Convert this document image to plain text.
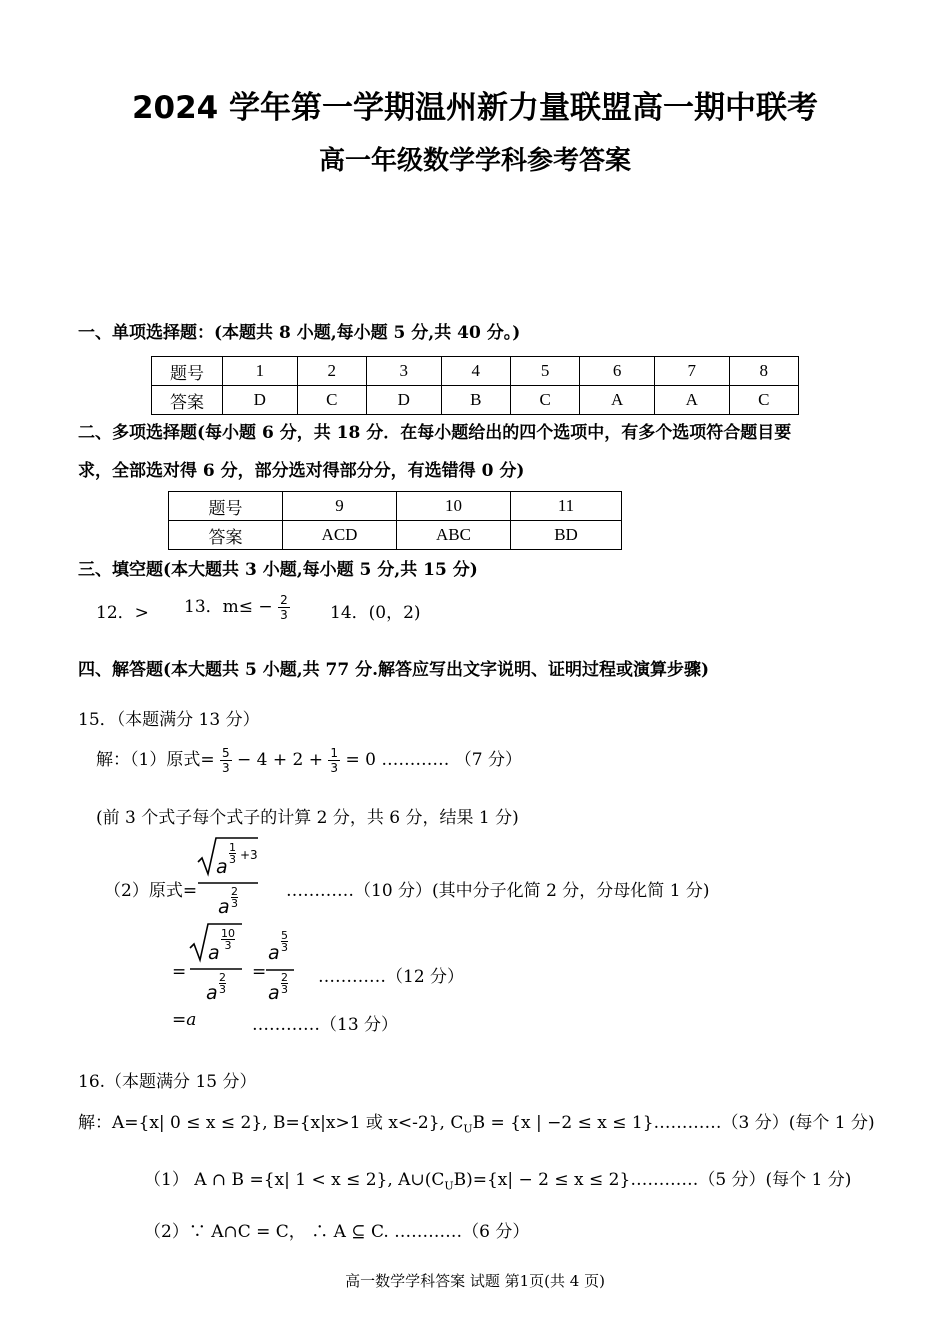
2024 学年第一学期温州新力量联盟高一期中联考
高一年级数学学科参考答案
一、单项选择题：(本题共 8 小题,每小题 5 分,共 40 分。)
题号	1	2	3	4	5	6	7	8
答案	D	C	D	B	C	A	A	C
二、多项选择题(每小题 6 分，共 18 分．在每小题给出的四个选项中，有多个选项符合题目要
求，全部选对得 6 分，部分选对得部分分，有选错得 0 分)
题号	9	10	11
答案	ACD	ABC	BD
三、填空题(本大题共 3 小题,每小题 5 分,共 15 分)
12．> 13．$m\le - \frac{2}{3} 14$．(0，2)
四、解答题(本大题共 5 小题,共 77 分.解答应写出文字说明、证明过程或演算步骤)
15．（本题满分 13 分）
解：（1）原式= $\frac{5}{3} - 4 + 2 + \frac{1}{3} = 0$ ………… （7 分）
(前 3 个式子每个式子的计算 2 分，共 6 分，结果 1 分)
（2）原式=
a
$\frac{1}{3} +3$
a $\frac{2}{3}$	…………（10 分）(其中分子化简 2 分，分母化简 1 分)
=
a
$\frac{10}{3}$
a $\frac{2}{3}$ =
a $\frac{5}{3}$
a $\frac{2}{3}$ …………（12 分）
=a	…………（13 分）
16.（本题满分 15 分）
解：A={x| 0 ≤ x ≤ 2}, B={x|x>1 或 x<-2}, $C_UB = \{x$ | −2 ≤ x ≤ 1}…………（3 分）(每个 1 分)
（1） A ∩ B ={x| 1 < x ≤ 2}, $A\cup(C_UB)=\{x| - 2 \le x$ ≤ 2}…………（5 分）(每个 1 分)
（2）∵ A∩C = C， ∴ A ⊆ C. …………（6 分）
高一数学学科答案 试题 第1页(共 4 页)
